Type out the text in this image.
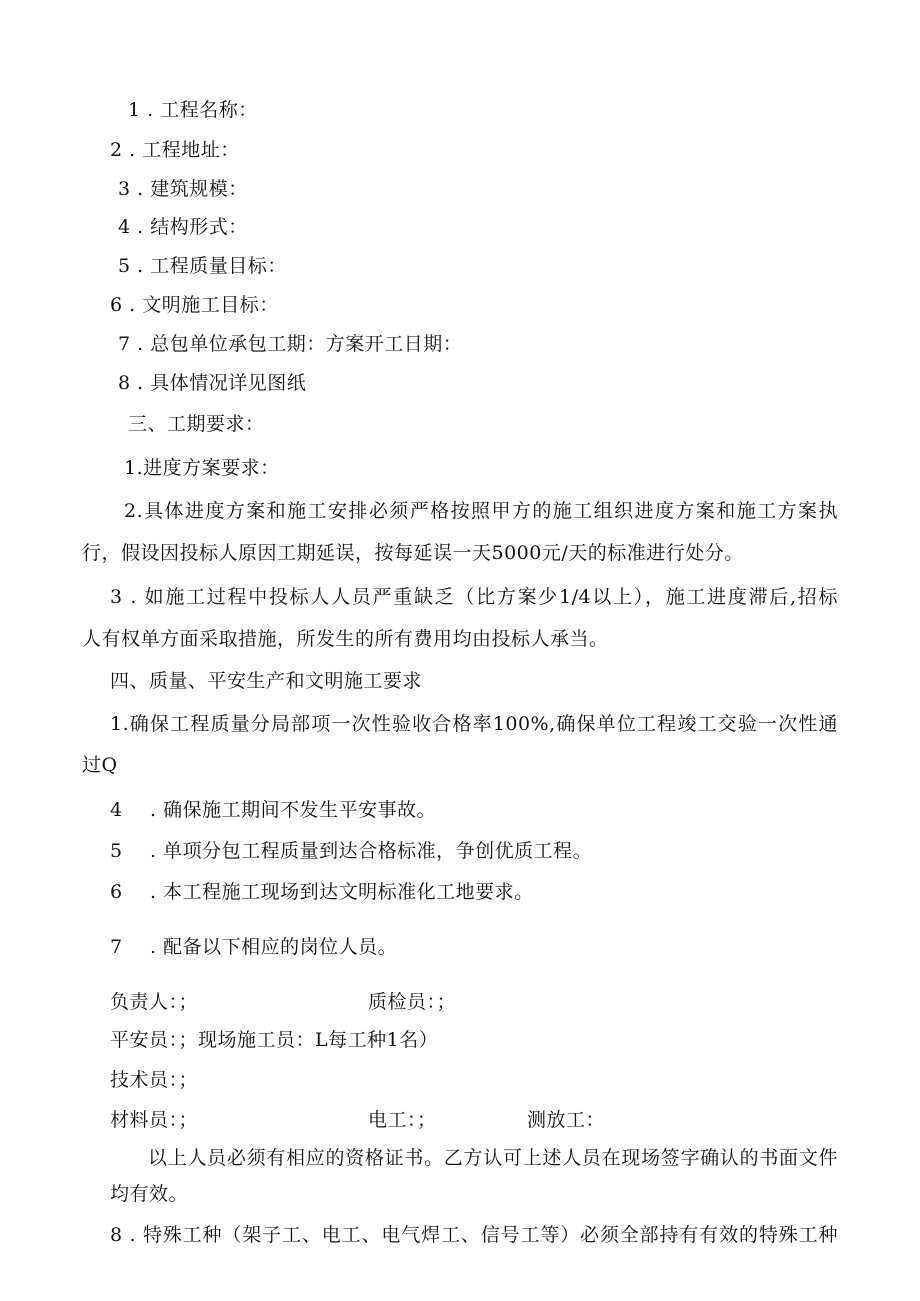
1 . 工程名称：
2 . 工程地址：
3 . 建筑规模：
4 . 结构形式：
5 . 工程质量目标：
6 . 文明施工目标：
7 . 总包单位承包工期：方案开工日期：
8 . 具体情况详见图纸
三、工期要求：
1.进度方案要求：
2.具体进度方案和施工安排必须严格按照甲方的施工组织进度方案和施工方案执
行，假设因投标人原因工期延误，按每延误一天5000元/天的标准进行处分。
3 . 如施工过程中投标人人员严重缺乏（比方案少1/4以上），施工进度滞后,招标
人有权单方面采取措施，所发生的所有费用均由投标人承当。
四、质量、平安生产和文明施工要求
1.确保工程质量分局部项一次性验收合格率100%,确保单位工程竣工交验一次性通
过Q
4 . 确保施工期间不发生平安事故。
5 . 单项分包工程质量到达合格标准，争创优质工程。
6 . 本工程施工现场到达文明标准化工地要求。
7 . 配备以下相应的岗位人员。
负责人：；	质检员：；
平安员：；现场施工员：L每工种1名）
技术员：；
材料员：；	电工：；	测放工：
以上人员必须有相应的资格证书。乙方认可上述人员在现场签字确认的书面文件
均有效。
8 . 特殊工种（架子工、电工、电气焊工、信号工等）必须全部持有有效的特殊工种
